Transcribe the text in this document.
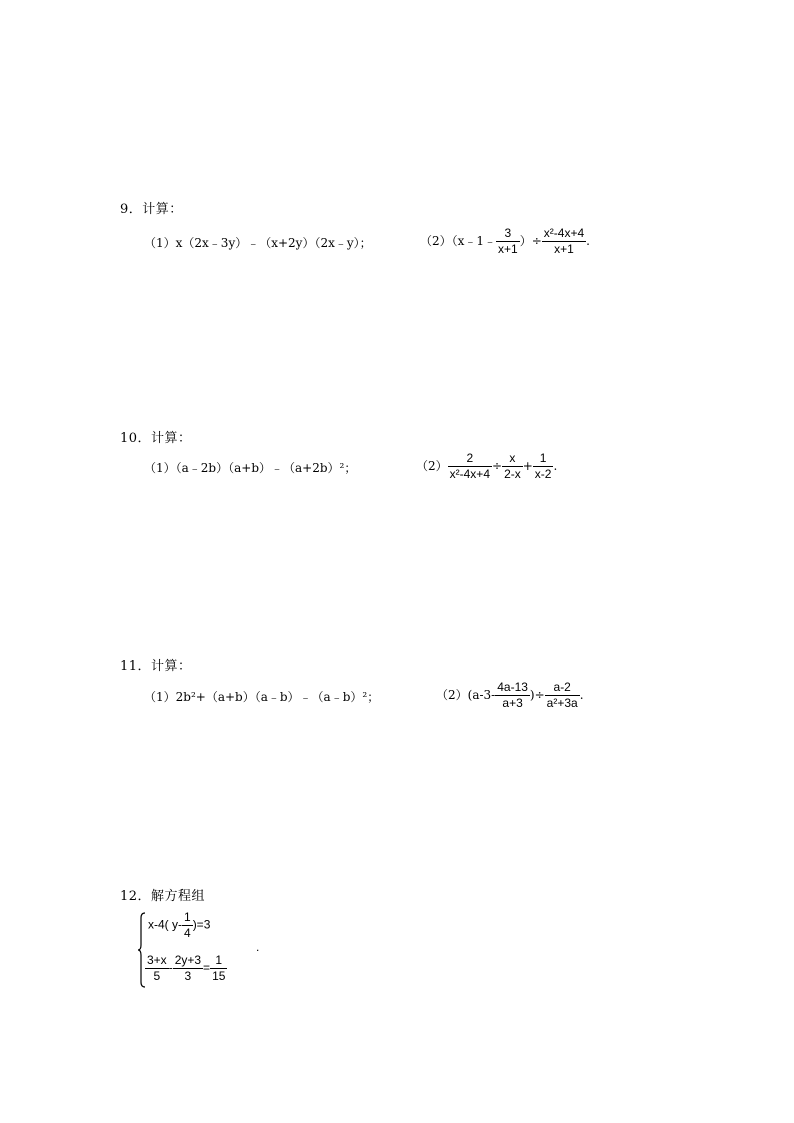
9．计算：
（1）x（2x﹣3y）﹣（x+2y）（2x﹣y）；	（2）（x﹣1﹣ $\frac{3}{x+1}$ ）÷ $\frac{\text{x²-4x+4}}{x+1}$ .
10．计算：
（1）（a﹣2b）（a+b）﹣（a+2b）²；	$(2) \frac{2}{\text{x²-4x+4}} \div \frac{x}{2-x} + \frac{1}{x-2}$ .
11．计算：
（1）2b²+（a+b）（a﹣b）﹣（a﹣b）²；	$(2)(a-3- \frac{4a-13}{a+3}$ )÷ $\frac{a-2}{\text{a²+3a}}$ .
12．解方程组
x-4( $y- \frac{1}{4} )=3$
$\frac{3+x}{5} - \frac{2y+3}{3} = \frac{1}{15}$
.
